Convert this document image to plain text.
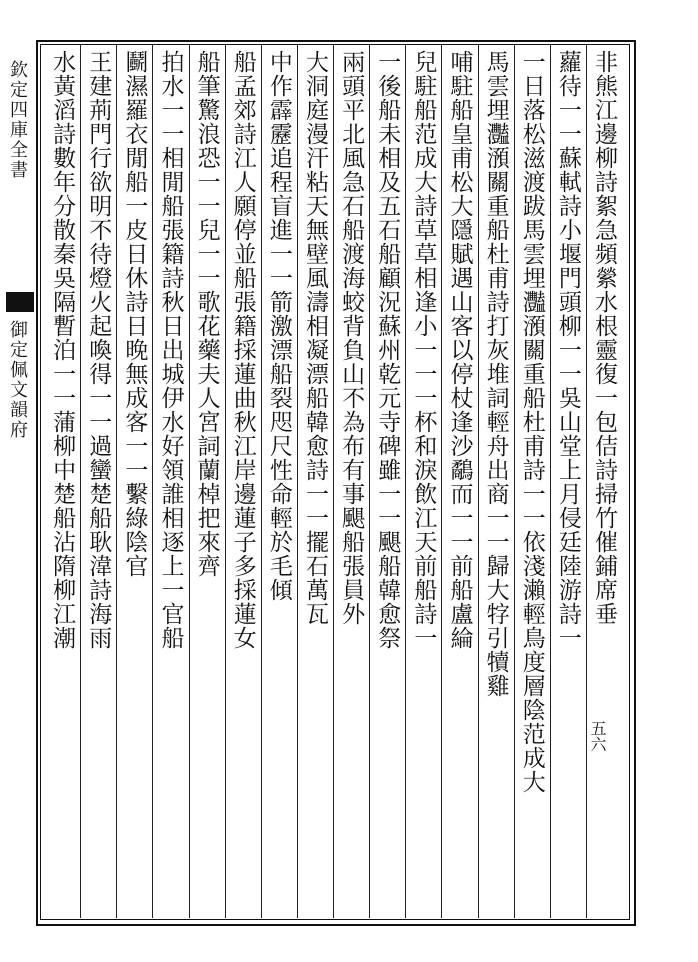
欽定四庫全書
御定佩文韻府	非熊江邊柳詩絮急頻縈水根靈復一包佶詩掃竹催鋪席垂
蘿待一一蘇軾詩小堰門頭柳一一吳山堂上月侵廷陸游詩一
一日落松滋渡跋馬雲埋灩澦關重船杜甫詩一一依淺瀨輕鳥度層陰范成大
馬雲埋灩澦關重船杜甫詩打灰堆詞輕舟出商一一歸大牸引犢雞
哺駐船皇甫松大隱賦遇山客以停杖逢沙鷸而一一前船盧綸
兒駐船范成大詩草草相逢小一一一杯和淚飲江天前船詩一
一後船未相及五石船顧況蘇州乾元寺碑雖一一颶船韓愈祭
兩頭平北風急石船渡海蛟背負山不為布有事颶船張員外
大洞庭漫汗粘天無壁風濤相凝漂船韓愈詩一一擺石萬瓦
中作霹靂追程盲進一一箭激漂船裂咫尺性命輕於毛傾
船孟郊詩江人願停並船張籍採蓮曲秋江岸邊蓮子多採蓮女
船筆驚浪恐一一兒一一歌花藥夫人宮詞蘭棹把來齊
拍水一一相閒船張籍詩秋日出城伊水好領誰相逐上一官船
鬬濕羅衣閒船一皮日休詩日晚無成客一一繫綠陰官
王建荊門行欲明不待燈火起喚得一一過蠻楚船耿湋詩海雨
水黃滔詩數年分散秦吳隔暫泊一一蒲柳中楚船沾隋柳江潮
五六
